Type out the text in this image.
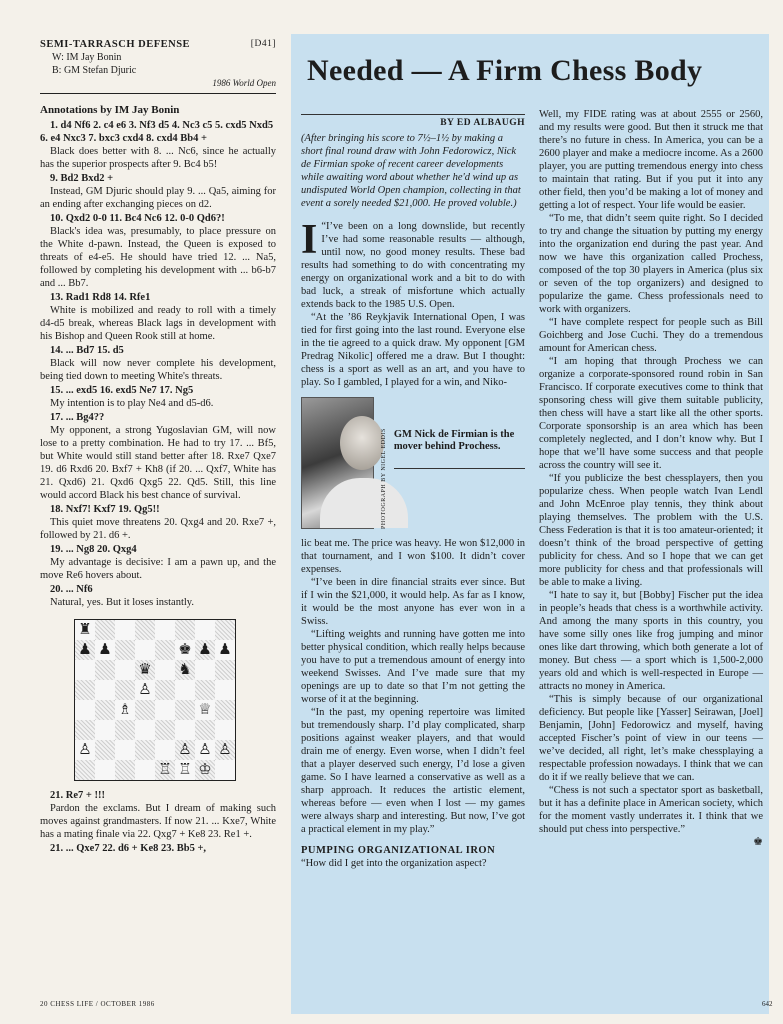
SEMI-TARRASCH DEFENSE	[D41]
W: IM Jay Bonin
B: GM Stefan Djuric
1986 World Open
Annotations by IM Jay Bonin

1. d4 Nf6 2. c4 e6 3. Nf3 d5 4. Nc3 c5 5. cxd5 Nxd5 6. e4 Nxc3 7. bxc3 cxd4 8. cxd4 Bb4 +

Black does better with 8. ... Nc6, since he actually has the superior prospects after 9. Bc4 b5!

9. Bd2 Bxd2 +

Instead, GM Djuric should play 9. ... Qa5, aiming for an ending after exchanging pieces on d2.

10. Qxd2 0-0 11. Bc4 Nc6 12. 0-0 Qd6?!

Black's idea was, presumably, to place pressure on the White d-pawn. Instead, the Queen is exposed to threats of e4-e5. He should have tried 12. ... Na5, followed by completing his development with ... b6-b7 and ... Bb7.

13. Rad1 Rd8 14. Rfe1

White is mobilized and ready to roll with a timely d4-d5 break, whereas Black lags in development with his Bishop and Queen Rook still at home.

14. ... Bd7 15. d5

Black will now never complete his development, being tied down to meeting White's threats.

15. ... exd5 16. exd5 Ne7 17. Ng5

My intention is to play Ne4 and d5-d6.

17. ... Bg4??

My opponent, a strong Yugoslavian GM, will now lose to a pretty combination. He had to try 17. ... Bf5, but White would still stand better after 18. Rxe7 Qxe7 19. d6 Rxd6 20. Bxf7 + Kh8 (if 20. ... Qxf7, White has 21. Qxd6) 21. Qxd6 Qxg5 22. Qd5. Still, this line would accord Black his best chance of survival.

18. Nxf7! Kxf7 19. Qg5!!

This quiet move threatens 20. Qxg4 and 20. Rxe7 +, followed by 21. d6 +.

19. ... Ng8 20. Qxg4

My advantage is decisive: I am a pawn up, and the move Re6 hovers about.

20. ... Nf6

Natural, yes. But it loses instantly.

♜
♟ ♟	♚ ♟ ♟
♛ ♞
♙
♗	♕
♙	♙ ♙ ♙
♖ ♖ ♔

21. Re7 + !!!

Pardon the exclams. But I dream of making such moves against grandmasters. If now 21. ... Kxe7, White has a mating finale via 22. Qxg7 + Ke8 23. Re1 +.

21. ... Qxe7 22. d6 + Ke8 23. Bb5 +,

Needed — A Firm Chess Body
BY ED ALBAUGH

(After bringing his score to 7½–1½ by making a short final round draw with John Fedorowicz, Nick de Firmian spoke of recent career developments while awaiting word about whether he'd wind up as undisputed World Open champion, collecting in that event a sorely needed $21,000. He proved voluble.)

I “I’ve been on a long downslide, but recently I’ve had some reasonable results — although, until now, no good money results. These bad results had something to do with concentrating my energy on organizational work and a bit to do with bad luck, a streak of misfortune which actually extends back to the 1985 U.S. Open.

“At the ’86 Reykjavik International Open, I was tied for first going into the last round. Everyone else in the tie agreed to a quick draw. My opponent [GM Predrag Nikolic] offered me a draw. But I thought: chess is a sport as well as an art, and you have to play. So I gambled, I played for a win, and Niko-

PHOTOGRAPH BY NIGEL EDDIS GM Nick de Firmian is the mover behind Prochess.

lic beat me. The price was heavy. He won $12,000 in that tournament, and I won $100. It didn’t cover expenses.

“I’ve been in dire financial straits ever since. But if I win the $21,000, it would help. As far as I know, it would be the most anyone has ever won in a Swiss.

“Lifting weights and running have gotten me into better physical condition, which really helps because you have to put a tremendous amount of energy into weekend Swisses. And I’ve made sure that my openings are up to date so that I’m not getting the worse of it at the beginning.

“In the past, my opening repertoire was limited but tremendously sharp. I’d play complicated, sharp positions against weaker players, and that would drain me of energy. Even worse, when I didn’t feel that a player deserved such energy, I’d lose a given game. So I have learned a conservative as well as a sharp approach. It reduces the artistic element, whereas before — even when I lost — my games were always sharp and interesting. But now, I’ve got a practical element in my play.”

PUMPING ORGANIZATIONAL IRON

“How did I get into the organization aspect?

Well, my FIDE rating was at about 2555 or 2560, and my results were good. But then it struck me that there’s no future in chess. In America, you can be a 2600 player and make a mediocre income. As a 2600 player, you are putting tremendous energy into chess to maintain that rating. But if you put it into any other field, then you’d be making a lot of money and getting a lot of respect. Your life would be easier.

“To me, that didn’t seem quite right. So I decided to try and change the situation by putting my energy into the organization end during the past year. And now we have this organization called Prochess, composed of the top 30 players in America (plus six or seven of the top organizers) and designed to popularize the game. Chess professionals need to work with organizers.

“I have complete respect for people such as Bill Goichberg and Jose Cuchi. They do a tremendous amount for American chess.

“I am hoping that through Prochess we can organize a corporate-sponsored round robin in San Francisco. If corporate executives come to think that sponsoring chess will give them suitable publicity, then chess will have a start like all the other sports. Corporate sponsorship is an area which has been completely neglected, and I don’t know why. But I hope that we’ll have some success and that people across the country will see it.

“If you publicize the best chessplayers, then you popularize chess. When people watch Ivan Lendl and John McEnroe play tennis, they think about playing themselves. The problem with the U.S. Chess Federation is that it is too amateur-oriented; it doesn’t think of the broad perspective of getting publicity for chess. And so I hope that we can get more publicity for chess and that professionals will be able to make a living.

“I hate to say it, but [Bobby] Fischer put the idea in people’s heads that chess is a worthwhile activity. And among the many sports in this country, you have some silly ones like frog jumping and minor ones like dart throwing, which both generate a lot of money. But chess — a sport which is 1,500-2,000 years old and which is well-respected in Europe — attracts no money in America.

“This is simply because of our organizational deficiency. But people like [Yasser] Seirawan, [Joel] Benjamin, [John] Fedorowicz and myself, having accepted Fischer’s point of view in our teens — we’ve decided, all right, let’s make chessplaying a respectable profession nowadays. I think that we can do it if we really believe that we can.

“Chess is not such a spectator sport as basketball, but it has a definite place in American society, which for the moment vastly underrates it. I think that we should put chess into perspective.”

♚
20 CHESS LIFE / OCTOBER 1986	642
